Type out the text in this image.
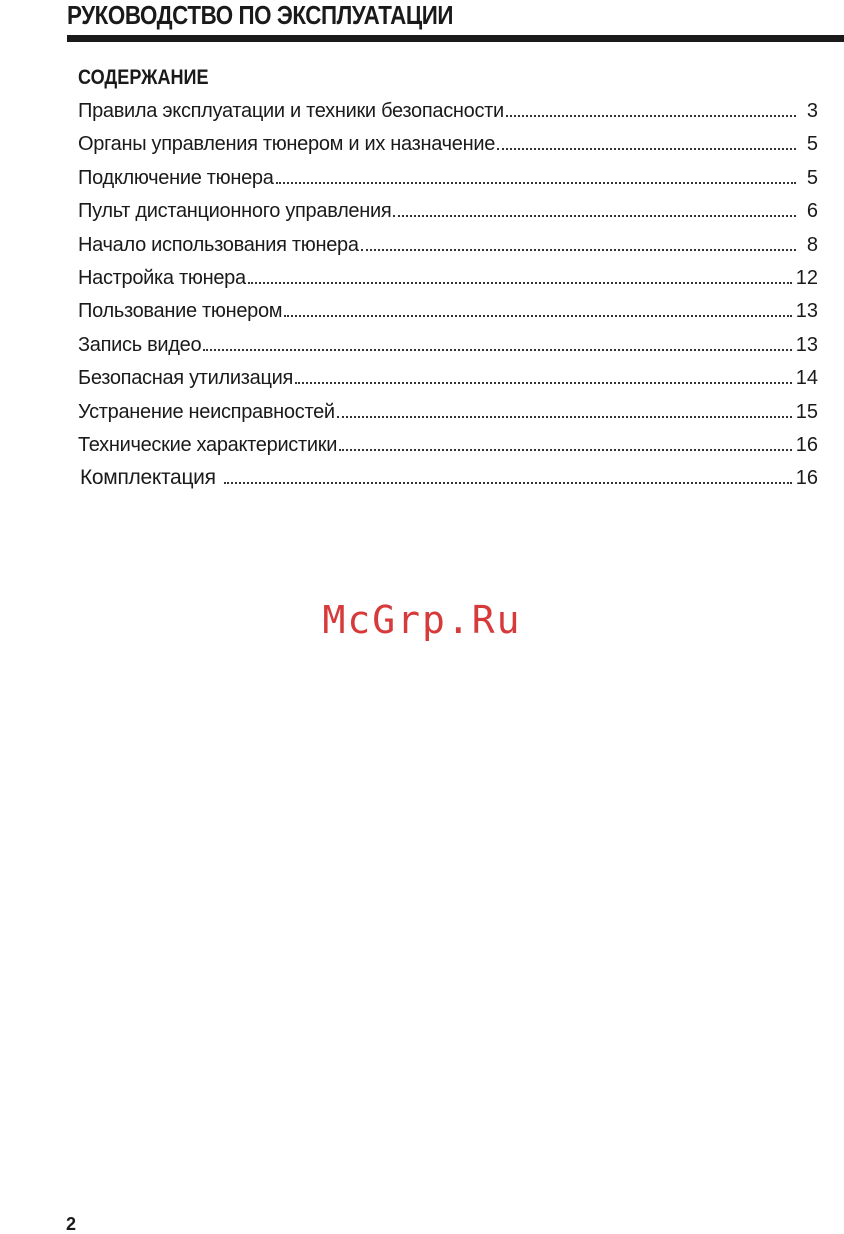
РУКОВОДСТВО ПО ЭКСПЛУАТАЦИИ
СОДЕРЖАНИЕ
Правила эксплуатации и техники безопасности	3
Органы управления тюнером и их назначение	5
Подключение тюнера	5
Пульт дистанционного управления	6
Начало использования тюнера	8
Настройка тюнера	12
Пользование тюнером	13
Запись видео	13
Безопасная утилизация	14
Устранение неисправностей	15
Технические характеристики	16
Комплектация	16
McGrp.Ru
2
